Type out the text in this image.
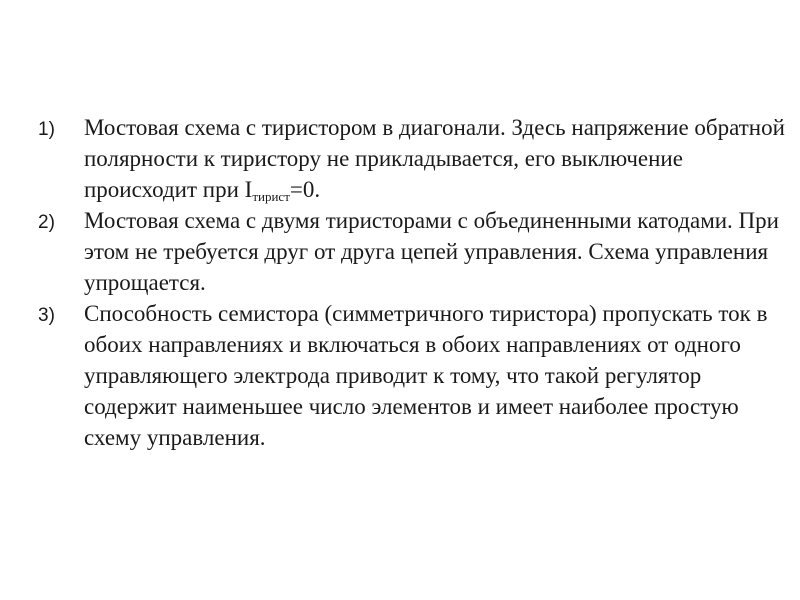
1) Мостовая схема с тиристором в диагонали. Здесь напряжение обратной полярности к тиристору не прикладывается, его выключение происходит при $I_{тирист}=0$.

2) Мостовая схема с двумя тиристорами с объединенными катодами. При этом не требуется друг от друга цепей управления. Схема управления упрощается.

3) Способность семистора (симметричного тиристора) пропускать ток в обоих направлениях и включаться в обоих направлениях от одного управляющего электрода приводит к тому, что такой регулятор содержит наименьшее число элементов и имеет наиболее простую схему управления.
